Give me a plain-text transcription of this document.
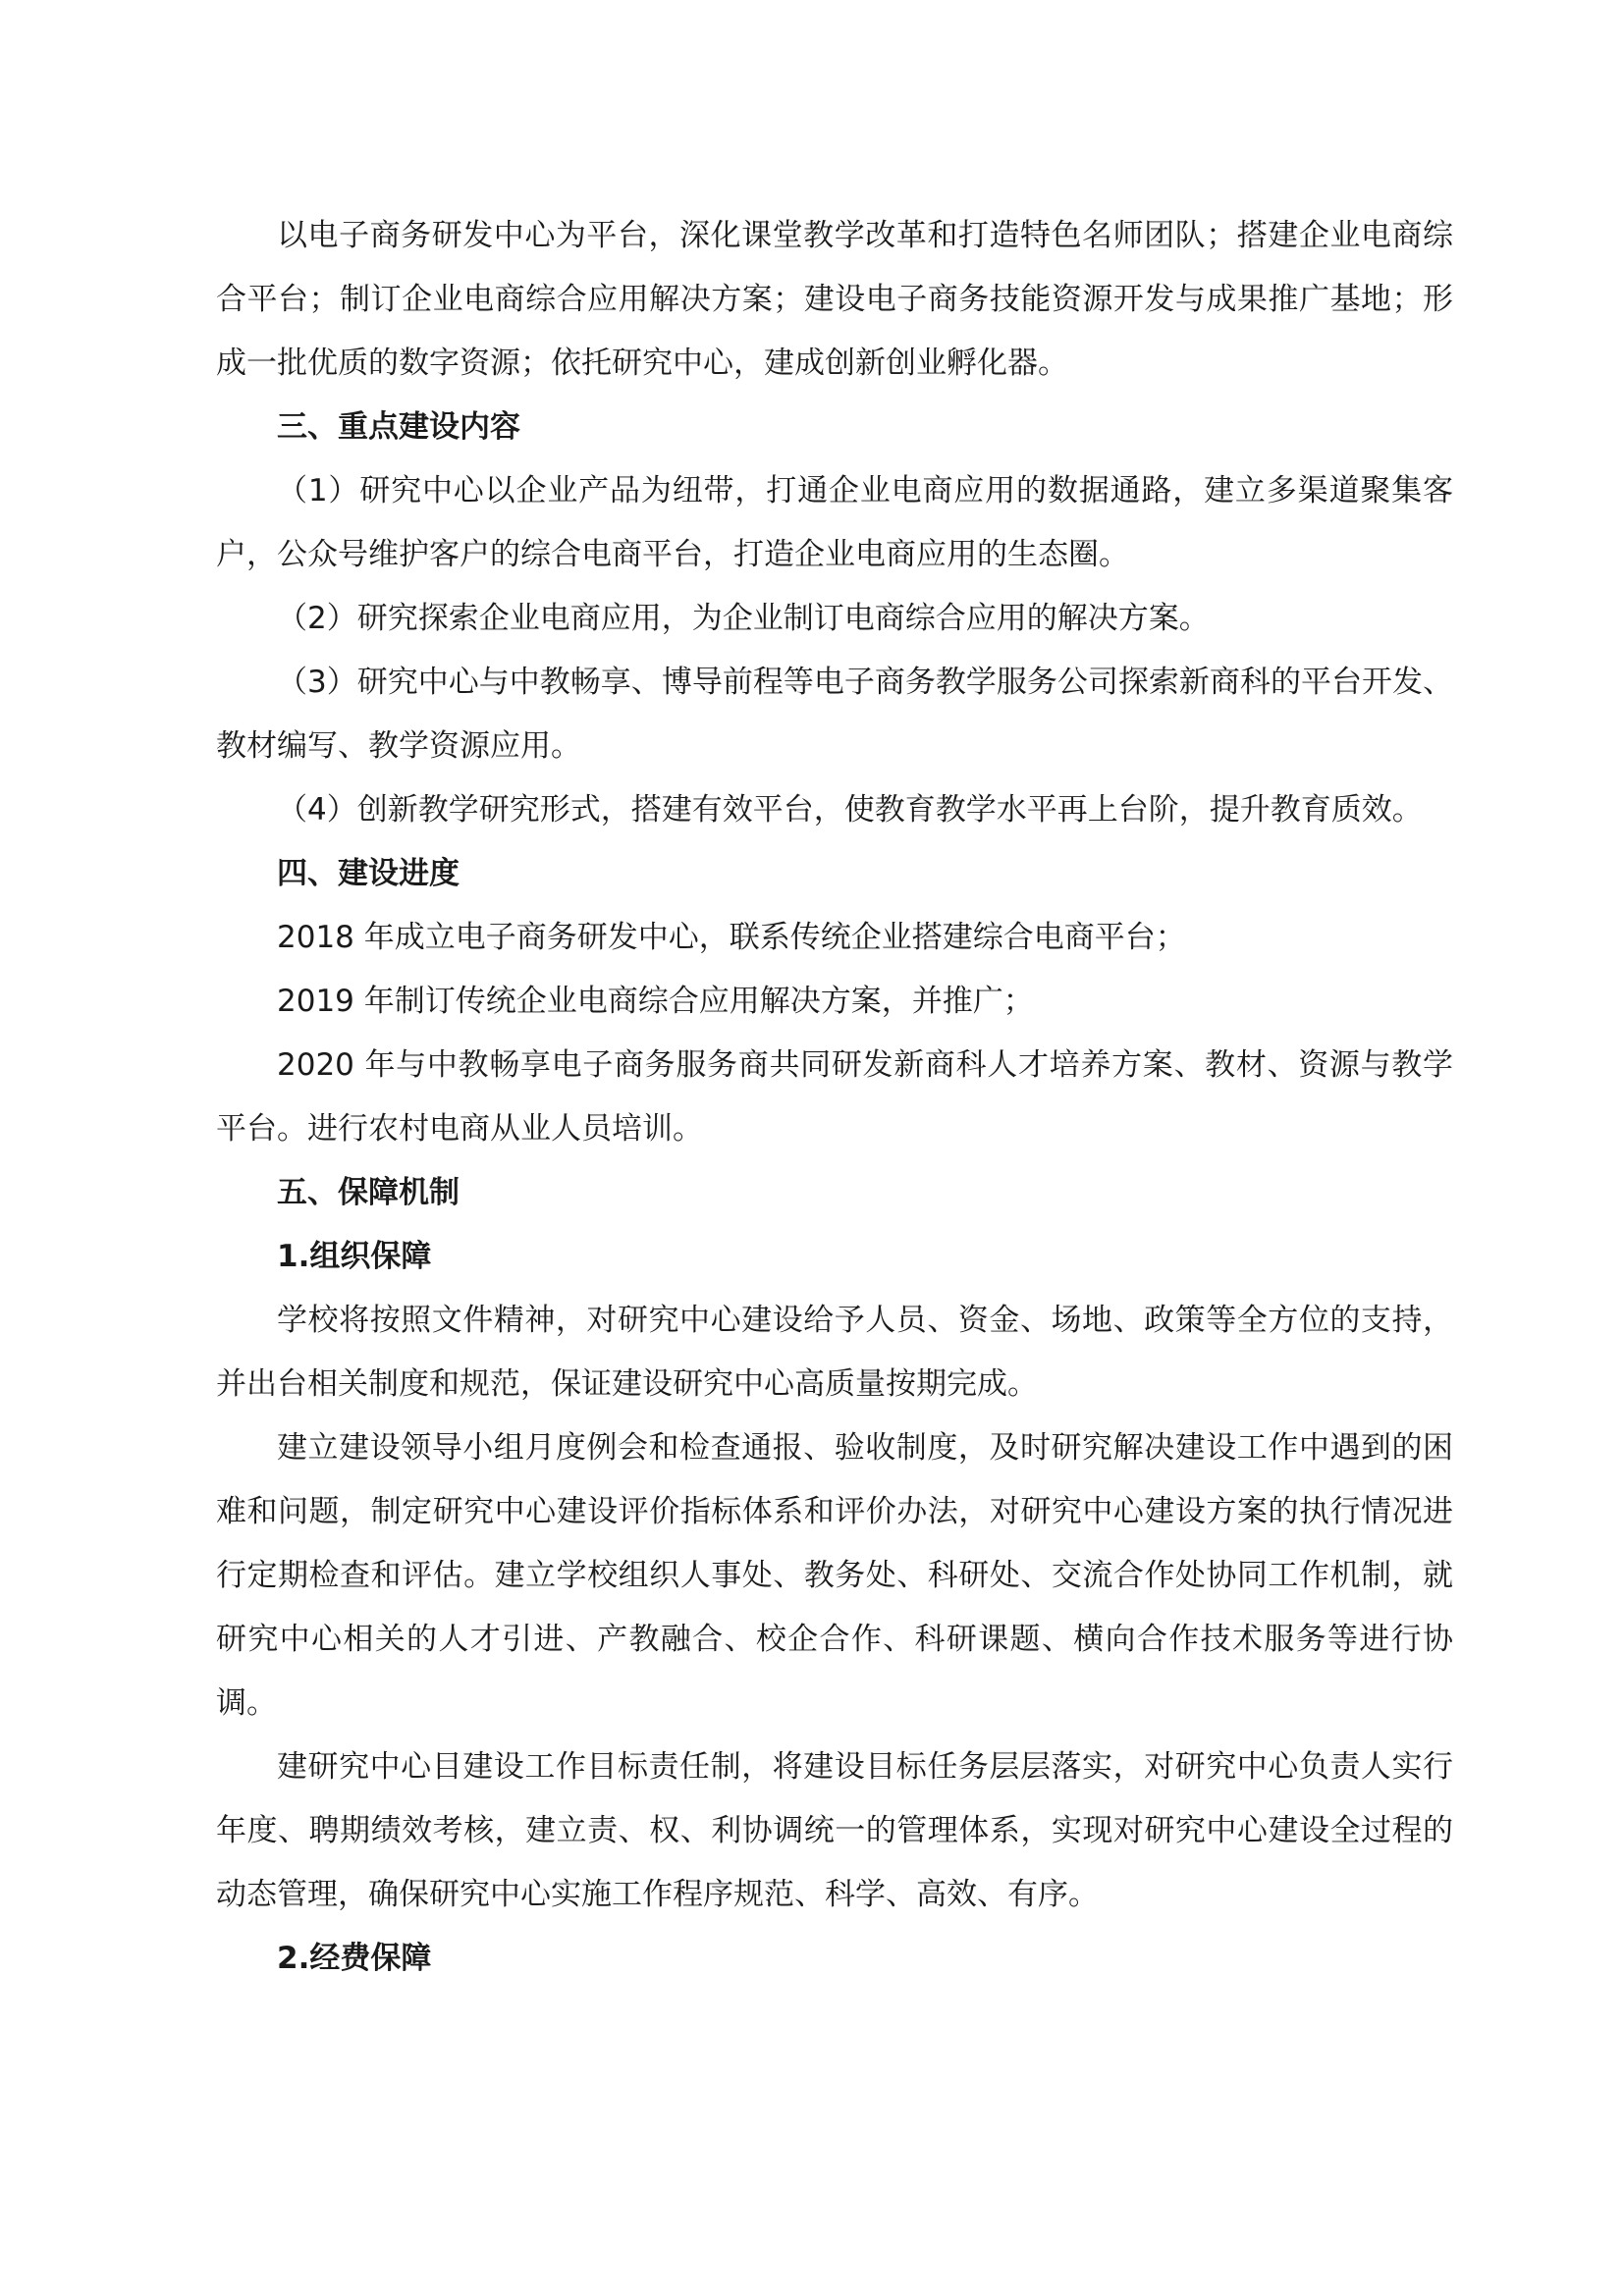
以电子商务研发中心为平台，深化课堂教学改革和打造特色名师团队；搭建企业电商综合平台；制订企业电商综合应用解决方案；建设电子商务技能资源开发与成果推广基地；形成一批优质的数字资源；依托研究中心，建成创新创业孵化器。

三、重点建设内容

（1）研究中心以企业产品为纽带，打通企业电商应用的数据通路，建立多渠道聚集客户，公众号维护客户的综合电商平台，打造企业电商应用的生态圈。

（2）研究探索企业电商应用，为企业制订电商综合应用的解决方案。

（3）研究中心与中教畅享、博导前程等电子商务教学服务公司探索新商科的平台开发、教材编写、教学资源应用。

（4）创新教学研究形式，搭建有效平台，使教育教学水平再上台阶，提升教育质效。

四、建设进度

2018 年成立电子商务研发中心，联系传统企业搭建综合电商平台；

2019 年制订传统企业电商综合应用解决方案，并推广；

2020 年与中教畅享电子商务服务商共同研发新商科人才培养方案、教材、资源与教学平台。进行农村电商从业人员培训。

五、保障机制

1.组织保障

学校将按照文件精神，对研究中心建设给予人员、资金、场地、政策等全方位的支持，并出台相关制度和规范，保证建设研究中心高质量按期完成。

建立建设领导小组月度例会和检查通报、验收制度，及时研究解决建设工作中遇到的困难和问题，制定研究中心建设评价指标体系和评价办法，对研究中心建设方案的执行情况进行定期检查和评估。建立学校组织人事处、教务处、科研处、交流合作处协同工作机制，就研究中心相关的人才引进、产教融合、校企合作、科研课题、横向合作技术服务等进行协调。

建研究中心目建设工作目标责任制，将建设目标任务层层落实，对研究中心负责人实行年度、聘期绩效考核，建立责、权、利协调统一的管理体系，实现对研究中心建设全过程的动态管理，确保研究中心实施工作程序规范、科学、高效、有序。

2.经费保障
